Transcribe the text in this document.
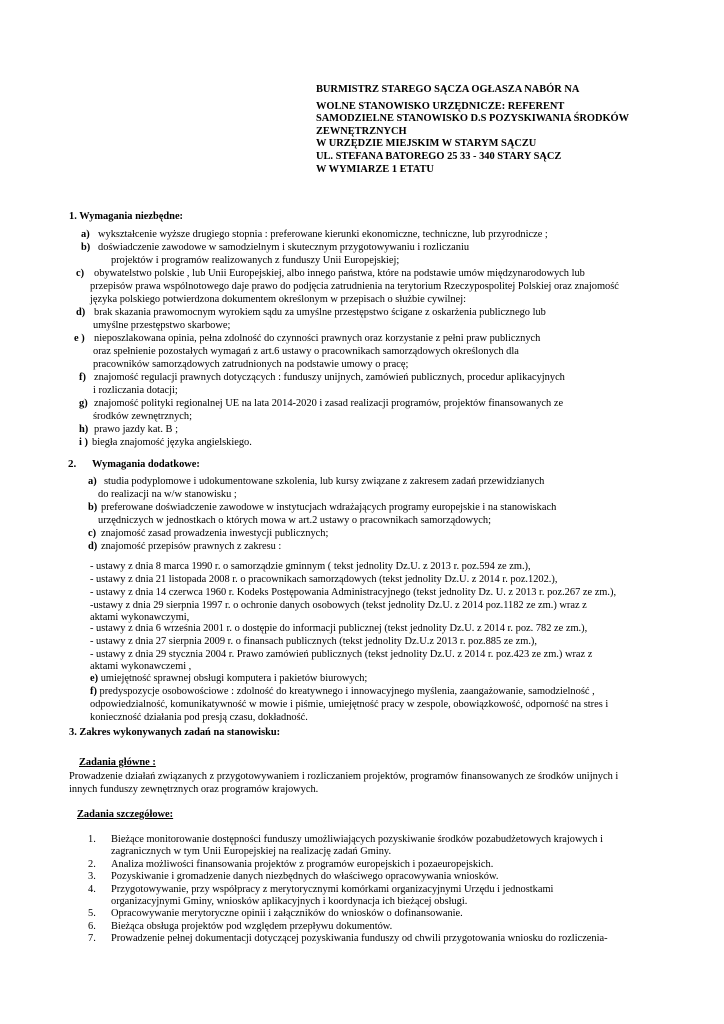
BURMISTRZ STAREGO SĄCZA OGŁASZA NABÓR NA
WOLNE STANOWISKO URZĘDNICZE: REFERENT
SAMODZIELNE STANOWISKO D.S POZYSKIWANIA ŚRODKÓW
ZEWNĘTRZNYCH
W URZĘDZIE MIEJSKIM W STARYM SĄCZU
UL. STEFANA BATOREGO 25 33 - 340 STARY SĄCZ
W WYMIARZE 1 ETATU
1. Wymagania niezbędne:
a) wykształcenie wyższe drugiego stopnia : preferowane kierunki ekonomiczne, techniczne, lub przyrodnicze ;
b) doświadczenie zawodowe w samodzielnym i skutecznym przygotowywaniu i rozliczaniu
projektów i programów realizowanych z funduszy Unii Europejskiej;
c) obywatelstwo polskie , lub Unii Europejskiej, albo innego państwa, które na podstawie umów międzynarodowych lub
przepisów prawa wspólnotowego daje prawo do podjęcia zatrudnienia na terytorium Rzeczypospolitej Polskiej oraz znajomość
języka polskiego potwierdzona dokumentem określonym w przepisach o służbie cywilnej:
d) brak skazania prawomocnym wyrokiem sądu za umyślne przestępstwo ścigane z oskarżenia publicznego lub
umyślne przestępstwo skarbowe;
e ) nieposzlakowana opinia, pełna zdolność do czynności prawnych oraz korzystanie z pełni praw publicznych
oraz spełnienie pozostałych wymagań z art.6 ustawy o pracownikach samorządowych określonych dla
pracowników samorządowych zatrudnionych na podstawie umowy o pracę;
f) znajomość regulacji prawnych dotyczących : funduszy unijnych, zamówień publicznych, procedur aplikacyjnych
i rozliczania dotacji;
g) znajomość polityki regionalnej UE na lata 2014-2020 i zasad realizacji programów, projektów finansowanych ze
środków zewnętrznych;
h) prawo jazdy kat. B ;
i ) biegła znajomość języka angielskiego.
2. Wymagania dodatkowe:
a) studia podyplomowe i udokumentowane szkolenia, lub kursy związane z zakresem zadań przewidzianych
do realizacji na w/w stanowisku ;
b) preferowane doświadczenie zawodowe w instytucjach wdrażających programy europejskie i na stanowiskach
urzędniczych w jednostkach o których mowa w art.2 ustawy o pracownikach samorządowych;
c) znajomość zasad prowadzenia inwestycji publicznych;
d) znajomość przepisów prawnych z zakresu :
- ustawy z dnia 8 marca 1990 r. o samorządzie gminnym ( tekst jednolity Dz.U. z 2013 r. poz.594 ze zm.),
- ustawy z dnia 21 listopada 2008 r. o pracownikach samorządowych (tekst jednolity Dz.U. z 2014 r. poz.1202.),
- ustawy z dnia 14 czerwca 1960 r. Kodeks Postępowania Administracyjnego (tekst jednolity Dz. U. z 2013 r. poz.267 ze zm.),
-ustawy z dnia 29 sierpnia 1997 r. o ochronie danych osobowych (tekst jednolity Dz.U. z 2014 poz.1182 ze zm.) wraz z
aktami wykonawczymi,
- ustawy z dnia 6 września 2001 r. o dostępie do informacji publicznej (tekst jednolity Dz.U. z 2014 r. poz. 782 ze zm.),
- ustawy z dnia 27 sierpnia 2009 r. o finansach publicznych (tekst jednolity Dz.U.z 2013 r. poz.885 ze zm.),
- ustawy z dnia 29 stycznia 2004 r. Prawo zamówień publicznych (tekst jednolity Dz.U. z 2014 r. poz.423 ze zm.) wraz z
aktami wykonawczemi ,
e) umiejętność sprawnej obsługi komputera i pakietów biurowych;
f) predyspozycje osobowościowe : zdolność do kreatywnego i innowacyjnego myślenia, zaangażowanie, samodzielność ,
odpowiedzialność, komunikatywność w mowie i piśmie, umiejętność pracy w zespole, obowiązkowość, odporność na stres i
konieczność działania pod presją czasu, dokładność.
3. Zakres wykonywanych zadań na stanowisku:
Zadania główne :
Prowadzenie działań związanych z przygotowywaniem i rozliczaniem projektów, programów finansowanych ze środków unijnych i
innych funduszy zewnętrznych oraz programów krajowych.
Zadania szczegółowe:
1. Bieżące monitorowanie dostępności funduszy umożliwiających pozyskiwanie środków pozabudżetowych krajowych i
zagranicznych w tym Unii Europejskiej na realizację zadań Gminy.
2. Analiza możliwości finansowania projektów z programów europejskich i pozaeuropejskich.
3. Pozyskiwanie i gromadzenie danych niezbędnych do właściwego opracowywania wniosków.
4. Przygotowywanie, przy współpracy z merytorycznymi komórkami organizacyjnymi Urzędu i jednostkami
organizacyjnymi Gminy, wniosków aplikacyjnych i koordynacja ich bieżącej obsługi.
5. Opracowywanie merytoryczne opinii i załączników do wniosków o dofinansowanie.
6. Bieżąca obsługa projektów pod względem przepływu dokumentów.
7. Prowadzenie pełnej dokumentacji dotyczącej pozyskiwania funduszy od chwili przygotowania wniosku do rozliczenia-
